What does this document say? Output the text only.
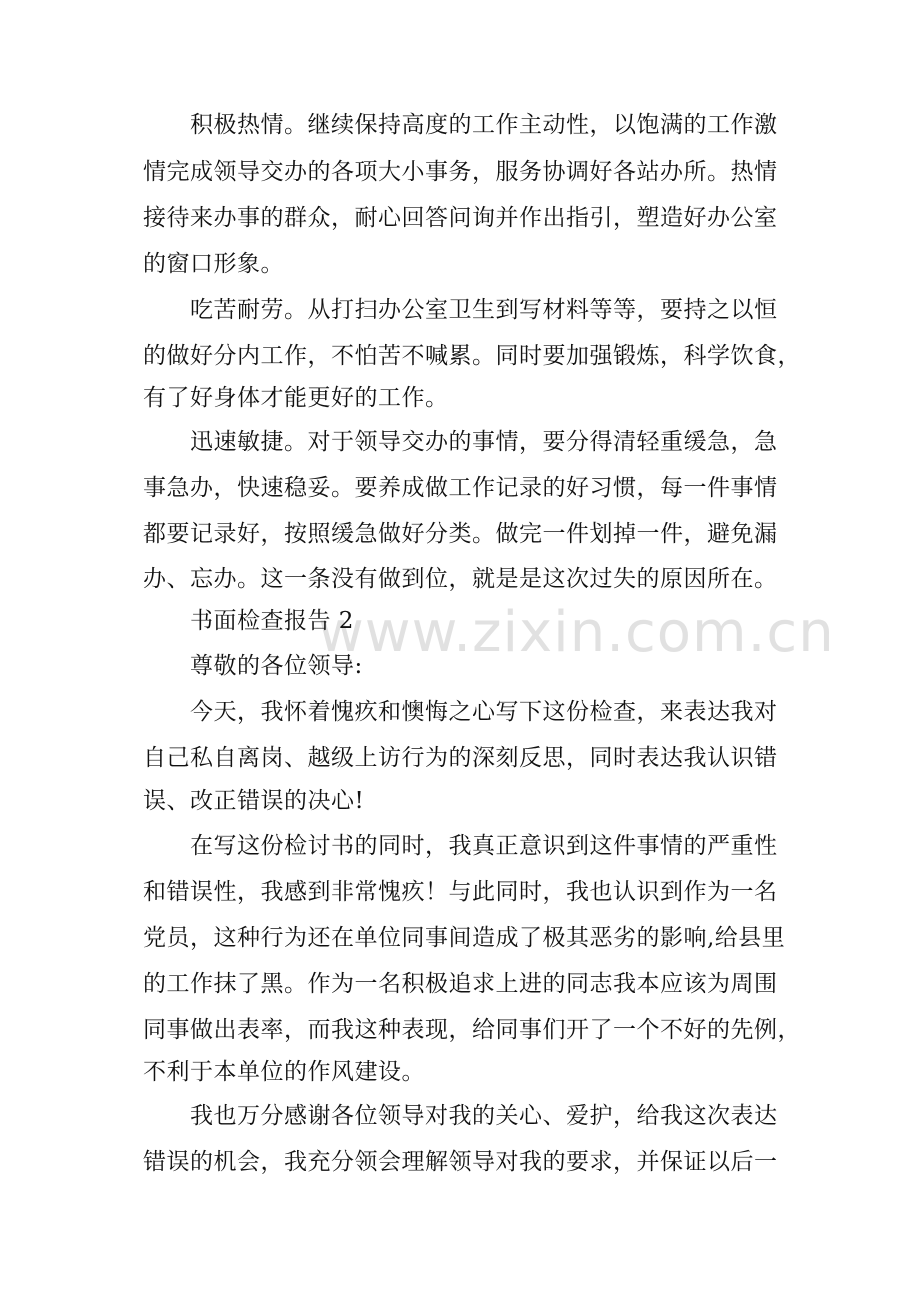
www.zixin.com.cn
　　积极热情。继续保持高度的工作主动性，以饱满的工作激
情完成领导交办的各项大小事务，服务协调好各站办所。热情
接待来办事的群众，耐心回答问询并作出指引，塑造好办公室
的窗口形象。
　　吃苦耐劳。从打扫办公室卫生到写材料等等，要持之以恒
的做好分内工作，不怕苦不喊累。同时要加强锻炼，科学饮食，
有了好身体才能更好的工作。
　　迅速敏捷。对于领导交办的事情，要分得清轻重缓急，急
事急办，快速稳妥。要养成做工作记录的好习惯，每一件事情
都要记录好，按照缓急做好分类。做完一件划掉一件，避免漏
办、忘办。这一条没有做到位，就是是这次过失的原因所在。
　　书面检查报告 2
　　尊敬的各位领导:
　　今天，我怀着愧疚和懊悔之心写下这份检查，来表达我对
自己私自离岗、越级上访行为的深刻反思，同时表达我认识错
误、改正错误的决心!
　　在写这份检讨书的同时，我真正意识到这件事情的严重性
和错误性，我感到非常愧疚！与此同时，我也认识到作为一名
党员，这种行为还在单位同事间造成了极其恶劣的影响,给县里
的工作抹了黑。作为一名积极追求上进的同志我本应该为周围
同事做出表率，而我这种表现，给同事们开了一个不好的先例，
不利于本单位的作风建设。
　　我也万分感谢各位领导对我的关心、爱护，给我这次表达
错误的机会，我充分领会理解领导对我的要求，并保证以后一
